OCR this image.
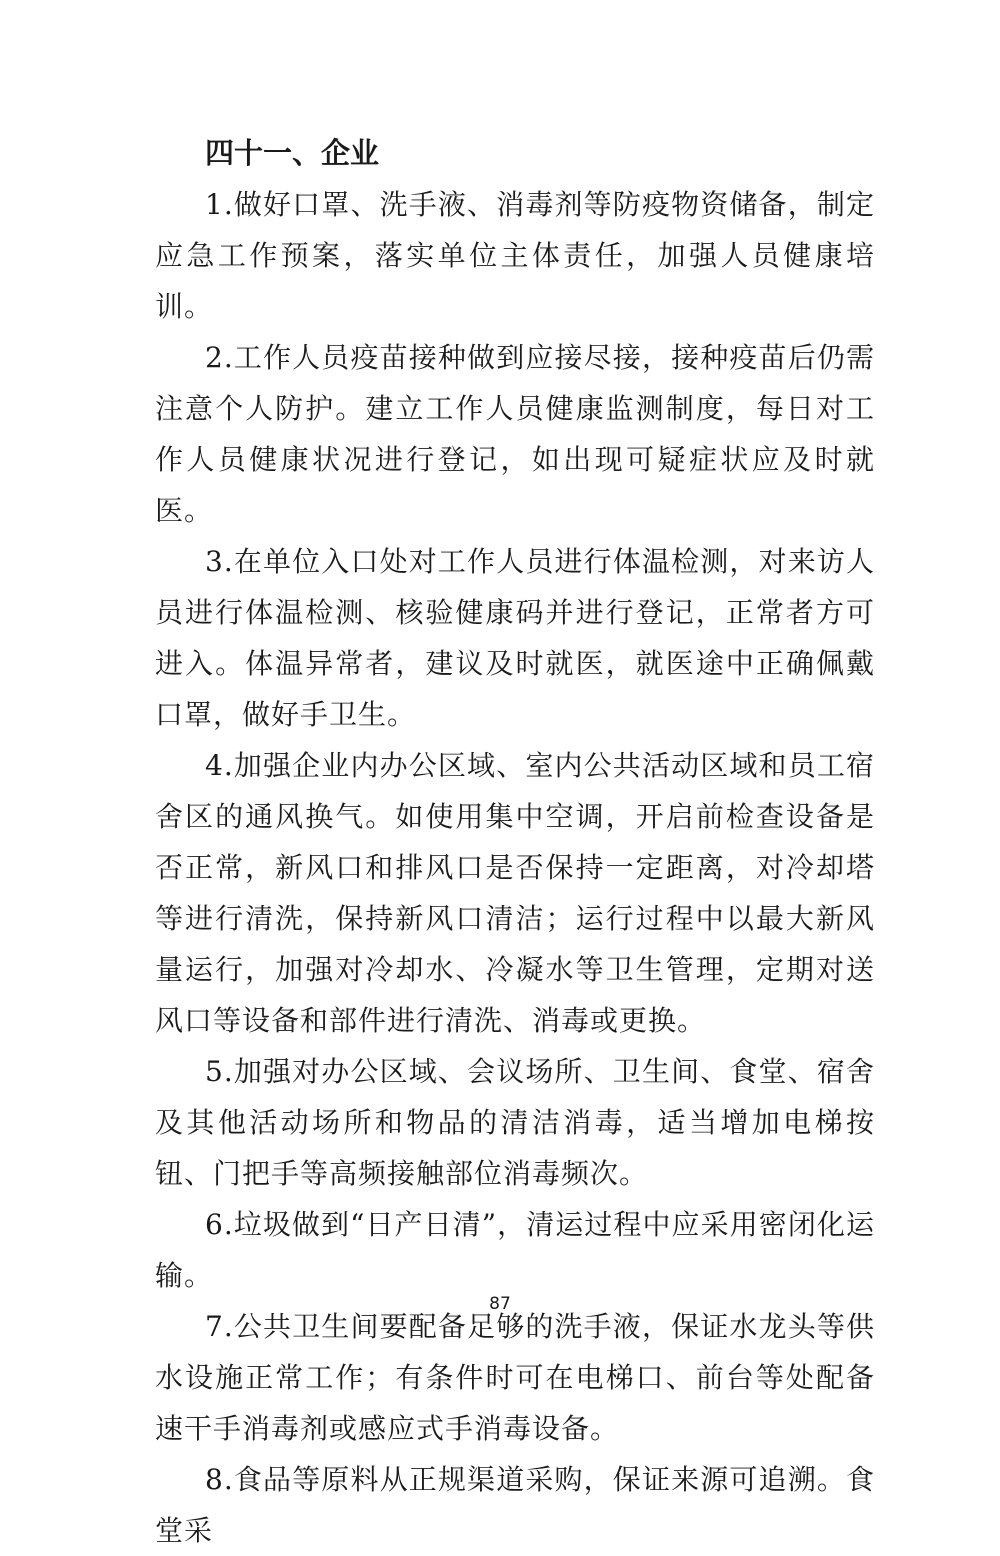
四十一、企业

1.做好口罩、洗手液、消毒剂等防疫物资储备，制定应急工作预案，落实单位主体责任，加强人员健康培训。

2.工作人员疫苗接种做到应接尽接，接种疫苗后仍需注意个人防护。建立工作人员健康监测制度，每日对工作人员健康状况进行登记，如出现可疑症状应及时就医。

3.在单位入口处对工作人员进行体温检测，对来访人员进行体温检测、核验健康码并进行登记，正常者方可进入。体温异常者，建议及时就医，就医途中正确佩戴口罩，做好手卫生。

4.加强企业内办公区域、室内公共活动区域和员工宿舍区的通风换气。如使用集中空调，开启前检查设备是否正常，新风口和排风口是否保持一定距离，对冷却塔等进行清洗，保持新风口清洁；运行过程中以最大新风量运行，加强对冷却水、冷凝水等卫生管理，定期对送风口等设备和部件进行清洗、消毒或更换。

5.加强对办公区域、会议场所、卫生间、食堂、宿舍及其他活动场所和物品的清洁消毒，适当增加电梯按钮、门把手等高频接触部位消毒频次。

6.垃圾做到“日产日清”，清运过程中应采用密闭化运输。

7.公共卫生间要配备足够的洗手液，保证水龙头等供水设施正常工作；有条件时可在电梯口、前台等处配备速干手消毒剂或感应式手消毒设备。

8.食品等原料从正规渠道采购，保证来源可追溯。食堂采

87
